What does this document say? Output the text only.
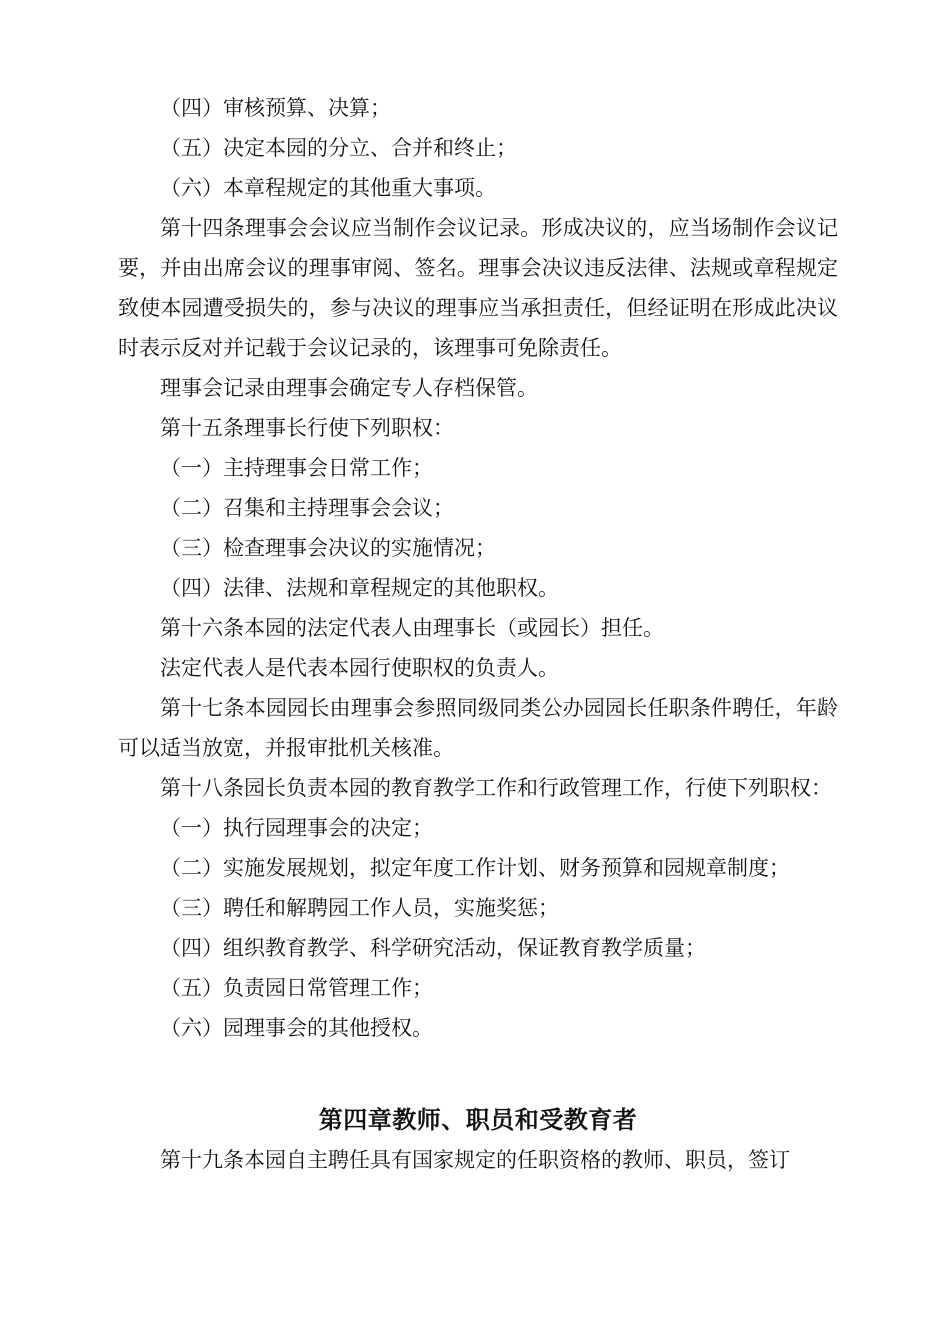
（四）审核预算、决算；

（五）决定本园的分立、合并和终止；

（六）本章程规定的其他重大事项。

第十四条理事会会议应当制作会议记录。形成决议的，应当场制作会议记要，并由出席会议的理事审阅、签名。理事会决议违反法律、法规或章程规定致使本园遭受损失的，参与决议的理事应当承担责任，但经证明在形成此决议时表示反对并记载于会议记录的，该理事可免除责任。

理事会记录由理事会确定专人存档保管。

第十五条理事长行使下列职权：

（一）主持理事会日常工作；

（二）召集和主持理事会会议；

（三）检查理事会决议的实施情况；

（四）法律、法规和章程规定的其他职权。

第十六条本园的法定代表人由理事长（或园长）担任。

法定代表人是代表本园行使职权的负责人。

第十七条本园园长由理事会参照同级同类公办园园长任职条件聘任，年龄可以适当放宽，并报审批机关核准。

第十八条园长负责本园的教育教学工作和行政管理工作，行使下列职权：

（一）执行园理事会的决定；

（二）实施发展规划，拟定年度工作计划、财务预算和园规章制度；

（三）聘任和解聘园工作人员，实施奖惩；

（四）组织教育教学、科学研究活动，保证教育教学质量；

（五）负责园日常管理工作；

（六）园理事会的其他授权。

第四章教师、职员和受教育者

第十九条本园自主聘任具有国家规定的任职资格的教师、职员，签订
